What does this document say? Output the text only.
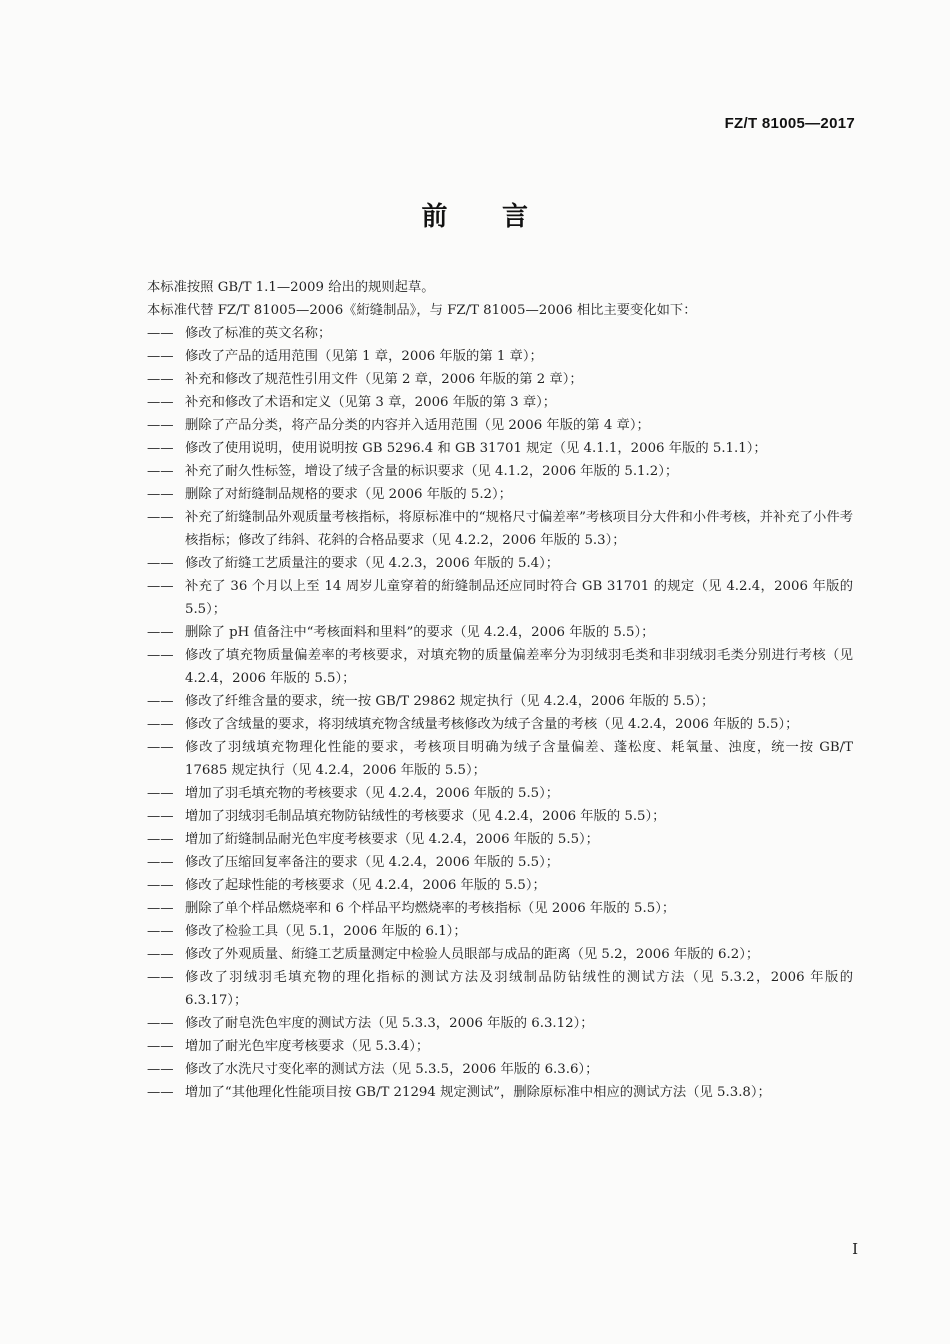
FZ/T 81005—2017
前 言

本标准按照 GB/T 1.1—2009 给出的规则起草。

本标准代替 FZ/T 81005—2006《絎缝制品》，与 FZ/T 81005—2006 相比主要变化如下：

—— 修改了标准的英文名称；
—— 修改了产品的适用范围（见第 1 章，2006 年版的第 1 章）；
—— 补充和修改了规范性引用文件（见第 2 章，2006 年版的第 2 章）；
—— 补充和修改了术语和定义（见第 3 章，2006 年版的第 3 章）；
—— 删除了产品分类，将产品分类的内容并入适用范围（见 2006 年版的第 4 章）；
—— 修改了使用说明，使用说明按 GB 5296.4 和 GB 31701 规定（见 4.1.1，2006 年版的 5.1.1）；
—— 补充了耐久性标签，增设了绒子含量的标识要求（见 4.1.2，2006 年版的 5.1.2）；
—— 删除了对絎缝制品规格的要求（见 2006 年版的 5.2）；
—— 补充了絎缝制品外观质量考核指标，将原标准中的“规格尺寸偏差率”考核项目分大件和小件考核，并补充了小件考核指标；修改了纬斜、花斜的合格品要求（见 4.2.2，2006 年版的 5.3）；
—— 修改了絎缝工艺质量注的要求（见 4.2.3，2006 年版的 5.4）；
—— 补充了 36 个月以上至 14 周岁儿童穿着的絎缝制品还应同时符合 GB 31701 的规定（见 4.2.4，2006 年版的 5.5）；
—— 删除了 pH 值备注中“考核面料和里料”的要求（见 4.2.4，2006 年版的 5.5）；
—— 修改了填充物质量偏差率的考核要求，对填充物的质量偏差率分为羽绒羽毛类和非羽绒羽毛类分别进行考核（见 4.2.4，2006 年版的 5.5）；
—— 修改了纤维含量的要求，统一按 GB/T 29862 规定执行（见 4.2.4，2006 年版的 5.5）；
—— 修改了含绒量的要求，将羽绒填充物含绒量考核修改为绒子含量的考核（见 4.2.4，2006 年版的 5.5）；
—— 修改了羽绒填充物理化性能的要求，考核项目明确为绒子含量偏差、蓬松度、耗氧量、浊度，统一按 GB/T 17685 规定执行（见 4.2.4，2006 年版的 5.5）；
—— 增加了羽毛填充物的考核要求（见 4.2.4，2006 年版的 5.5）；
—— 增加了羽绒羽毛制品填充物防钻绒性的考核要求（见 4.2.4，2006 年版的 5.5）；
—— 增加了絎缝制品耐光色牢度考核要求（见 4.2.4，2006 年版的 5.5）；
—— 修改了压缩回复率备注的要求（见 4.2.4，2006 年版的 5.5）；
—— 修改了起球性能的考核要求（见 4.2.4，2006 年版的 5.5）；
—— 删除了单个样品燃烧率和 6 个样品平均燃烧率的考核指标（见 2006 年版的 5.5）；
—— 修改了检验工具（见 5.1，2006 年版的 6.1）；
—— 修改了外观质量、絎缝工艺质量测定中检验人员眼部与成品的距离（见 5.2，2006 年版的 6.2）；
—— 修改了羽绒羽毛填充物的理化指标的测试方法及羽绒制品防钻绒性的测试方法（见 5.3.2，2006 年版的 6.3.17）；
—— 修改了耐皂洗色牢度的测试方法（见 5.3.3，2006 年版的 6.3.12）；
—— 增加了耐光色牢度考核要求（见 5.3.4）；
—— 修改了水洗尺寸变化率的测试方法（见 5.3.5，2006 年版的 6.3.6）；
—— 增加了“其他理化性能项目按 GB/T 21294 规定测试”，删除原标准中相应的测试方法（见 5.3.8）；
I
